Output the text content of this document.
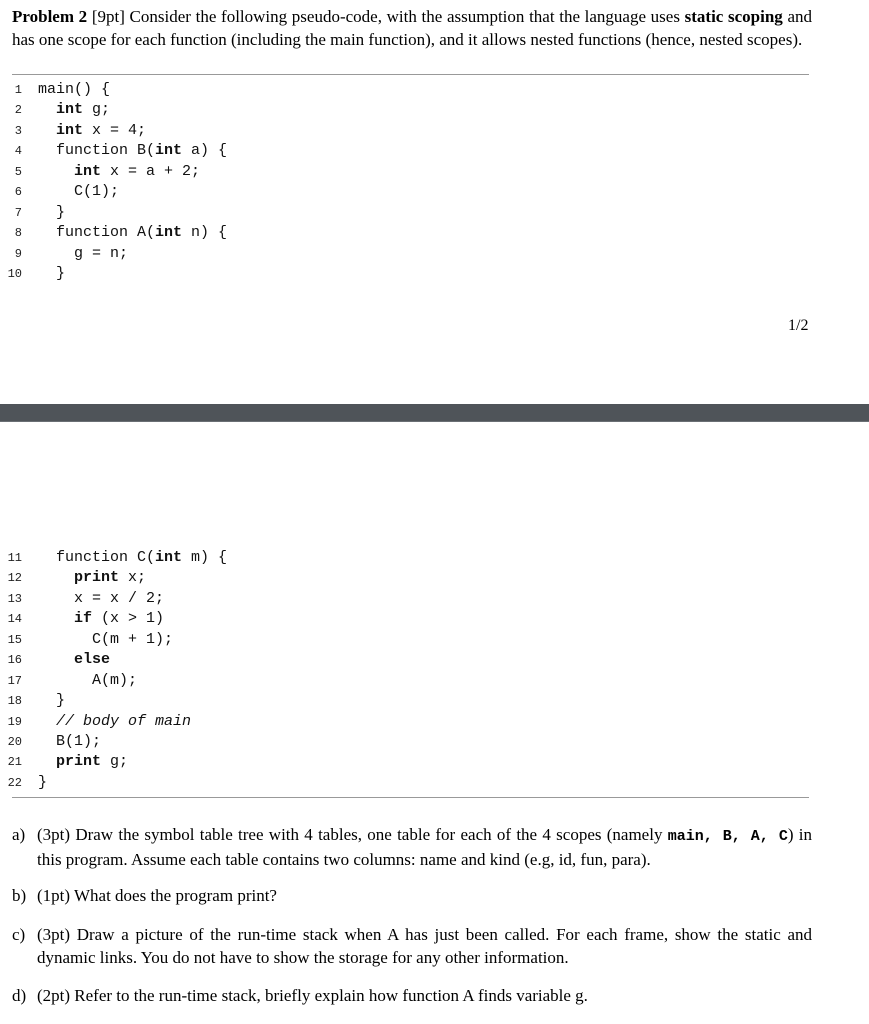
Problem 2 [9pt] Consider the following pseudo-code, with the assumption that the language uses static scoping and has one scope for each function (including the main function), and it allows nested functions (hence, nested scopes).

1 main() {
2	int g;
3	int x = 4;
4 function B(int a) {
5	int x = a + 2;
6 C(1);
7 }
8 function A(int n) {
9 g = n;
10 }
1/2
11 function C(int m) {
12	print x;
13 x = x / 2;
14	if (x > 1)
15 C(m + 1);
16	else
17 A(m);
18 }
19	// body of main
20 B(1);
21	print g;
22 }
a) (3pt) Draw the symbol table tree with 4 tables, one table for each of the 4 scopes (namely main, B, A, C) in this program. Assume each table contains two columns: name and kind (e.g, id, fun, para).
b) (1pt) What does the program print?
c) (3pt) Draw a picture of the run-time stack when A has just been called. For each frame, show the static and dynamic links. You do not have to show the storage for any other information.
d) (2pt) Refer to the run-time stack, briefly explain how function A finds variable g.
